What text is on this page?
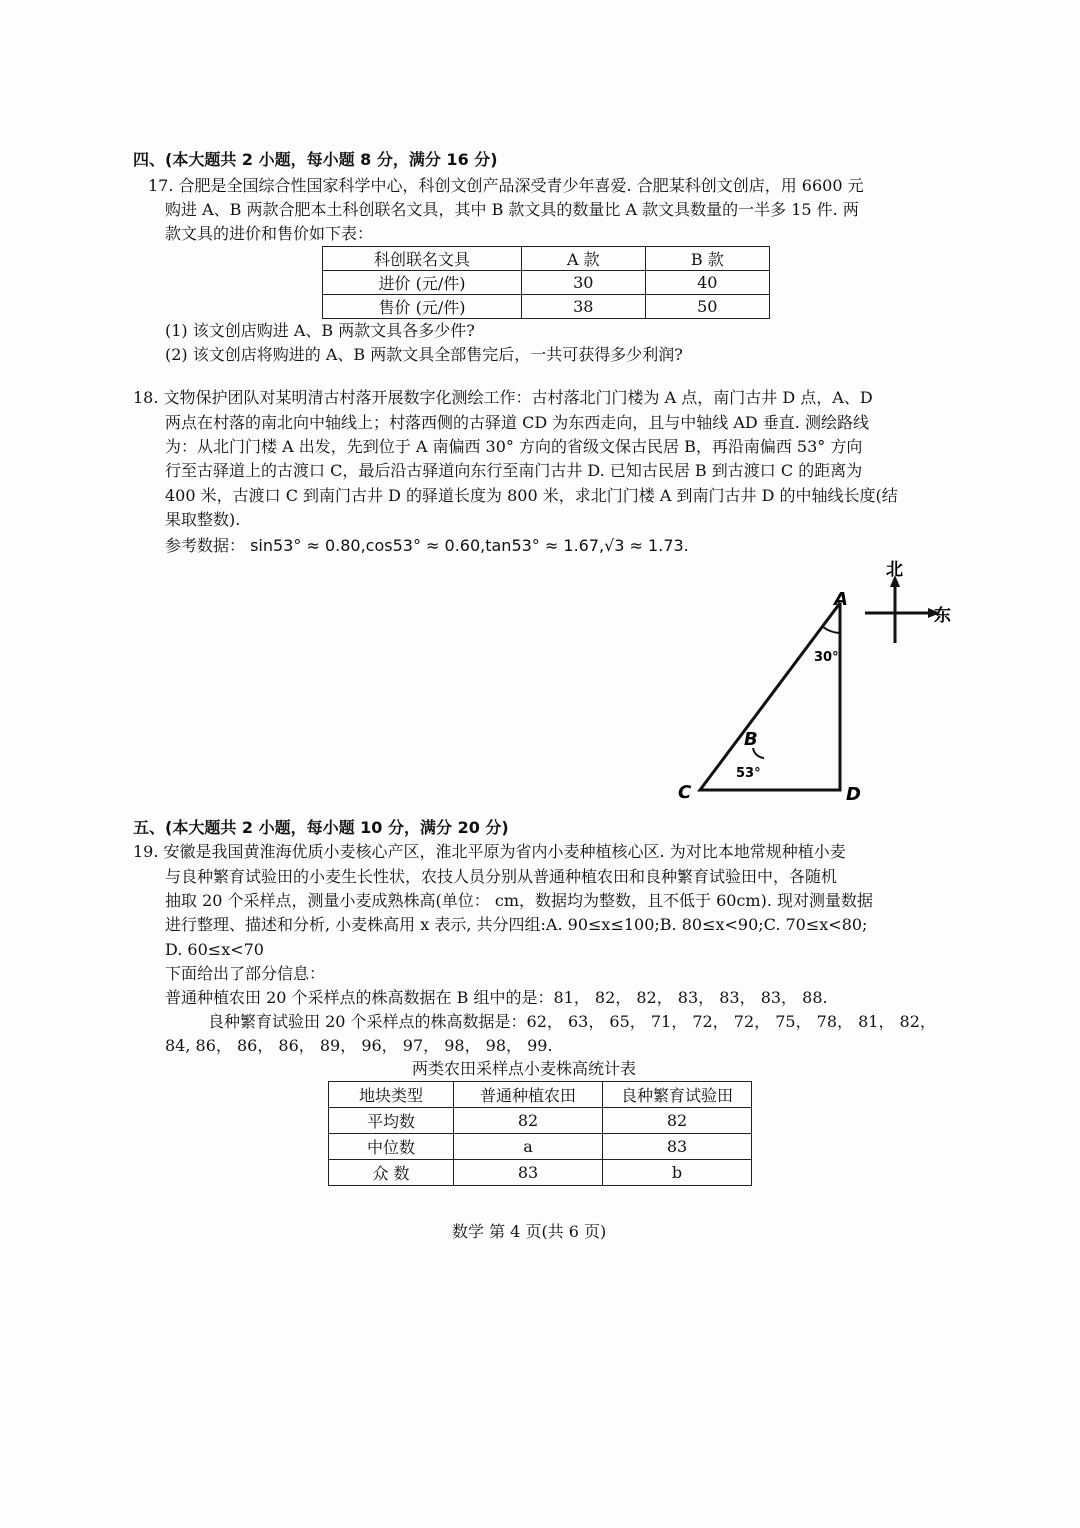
四、(本大题共 2 小题，每小题 8 分，满分 16 分)
17. 合肥是全国综合性国家科学中心，科创文创产品深受青少年喜爱. 合肥某科创文创店，用 6600 元
购进 A、B 两款合肥本土科创联名文具，其中 B 款文具的数量比 A 款文具数量的一半多 15 件. 两
款文具的进价和售价如下表：
科创联名文具	A 款	B 款
进价 (元/件)	30	40
售价 (元/件)	38	50
(1) 该文创店购进 A、B 两款文具各多少件?
(2) 该文创店将购进的 A、B 两款文具全部售完后，一共可获得多少利润?
18. 文物保护团队对某明清古村落开展数字化测绘工作：古村落北门门楼为 A 点，南门古井 D 点，A、D
两点在村落的南北向中轴线上；村落西侧的古驿道 CD 为东西走向，且与中轴线 AD 垂直. 测绘路线
为：从北门门楼 A 出发，先到位于 A 南偏西 30° 方向的省级文保古民居 B，再沿南偏西 53° 方向
行至古驿道上的古渡口 C，最后沿古驿道向东行至南门古井 D. 已知古民居 B 到古渡口 C 的距离为
400 米，古渡口 C 到南门古井 D 的驿道长度为 800 米，求北门门楼 A 到南门古井 D 的中轴线长度(结
果取整数).
参考数据： sin53° ≈ 0.80,cos53° ≈ 0.60,tan53° ≈ 1.67,√3 ≈ 1.73.
A
B
C	D
30°
53°
北
东
五、(本大题共 2 小题，每小题 10 分，满分 20 分)
19. 安徽是我国黄淮海优质小麦核心产区，淮北平原为省内小麦种植核心区. 为对比本地常规种植小麦
与良种繁育试验田的小麦生长性状，农技人员分别从普通种植农田和良种繁育试验田中，各随机
抽取 20 个采样点，测量小麦成熟株高(单位： cm，数据均为整数，且不低于 60cm). 现对测量数据
进行整理、描述和分析, 小麦株高用 x 表示, 共分四组:A. 90≤x≤100;B. 80≤x<90;C. 70≤x<80;
D. 60≤x<70
下面给出了部分信息：
普通种植农田 20 个采样点的株高数据在 B 组中的是：81， 82， 82， 83， 83， 83， 88.
良种繁育试验田 20 个采样点的株高数据是：62， 63， 65， 71， 72， 72， 75， 78， 81， 82，
84, 86， 86， 86， 89， 96， 97， 98， 98， 99.
两类农田采样点小麦株高统计表
地块类型	普通种植农田	良种繁育试验田
平均数	82	82
中位数	a	83
众 数	83	b
数学 第 4 页(共 6 页)
